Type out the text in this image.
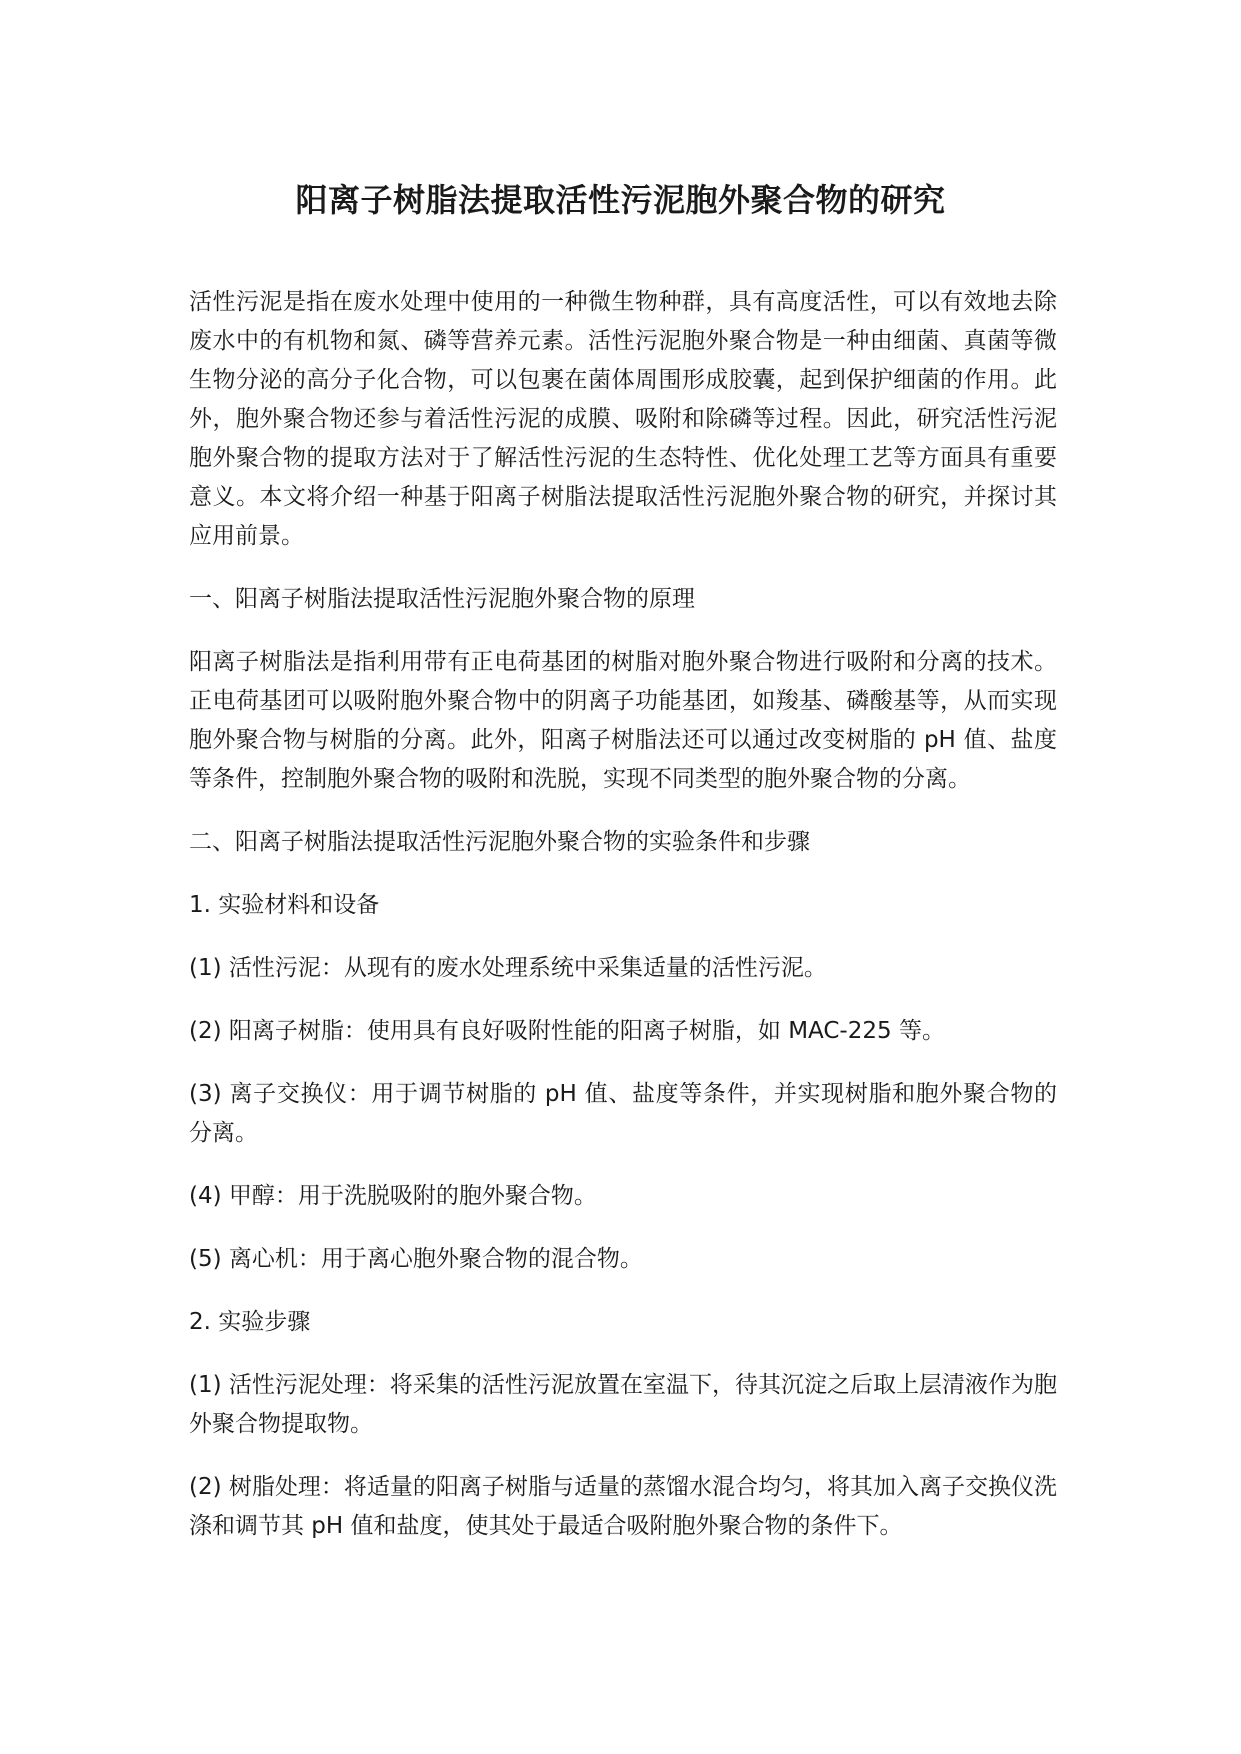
阳离子树脂法提取活性污泥胞外聚合物的研究

活性污泥是指在废水处理中使用的一种微生物种群，具有高度活性，可以有效地去除废水中的有机物和氮、磷等营养元素。活性污泥胞外聚合物是一种由细菌、真菌等微生物分泌的高分子化合物，可以包裹在菌体周围形成胶囊，起到保护细菌的作用。此外，胞外聚合物还参与着活性污泥的成膜、吸附和除磷等过程。因此，研究活性污泥胞外聚合物的提取方法对于了解活性污泥的生态特性、优化处理工艺等方面具有重要意义。本文将介绍一种基于阳离子树脂法提取活性污泥胞外聚合物的研究，并探讨其应用前景。

一、阳离子树脂法提取活性污泥胞外聚合物的原理

阳离子树脂法是指利用带有正电荷基团的树脂对胞外聚合物进行吸附和分离的技术。正电荷基团可以吸附胞外聚合物中的阴离子功能基团，如羧基、磷酸基等，从而实现胞外聚合物与树脂的分离。此外，阳离子树脂法还可以通过改变树脂的 pH 值、盐度等条件，控制胞外聚合物的吸附和洗脱，实现不同类型的胞外聚合物的分离。

二、阳离子树脂法提取活性污泥胞外聚合物的实验条件和步骤

1. 实验材料和设备

(1) 活性污泥：从现有的废水处理系统中采集适量的活性污泥。

(2) 阳离子树脂：使用具有良好吸附性能的阳离子树脂，如 MAC-225 等。

(3) 离子交换仪：用于调节树脂的 pH 值、盐度等条件，并实现树脂和胞外聚合物的分离。

(4) 甲醇：用于洗脱吸附的胞外聚合物。

(5) 离心机：用于离心胞外聚合物的混合物。

2. 实验步骤

(1) 活性污泥处理：将采集的活性污泥放置在室温下，待其沉淀之后取上层清液作为胞外聚合物提取物。

(2) 树脂处理：将适量的阳离子树脂与适量的蒸馏水混合均匀，将其加入离子交换仪洗涤和调节其 pH 值和盐度，使其处于最适合吸附胞外聚合物的条件下。
